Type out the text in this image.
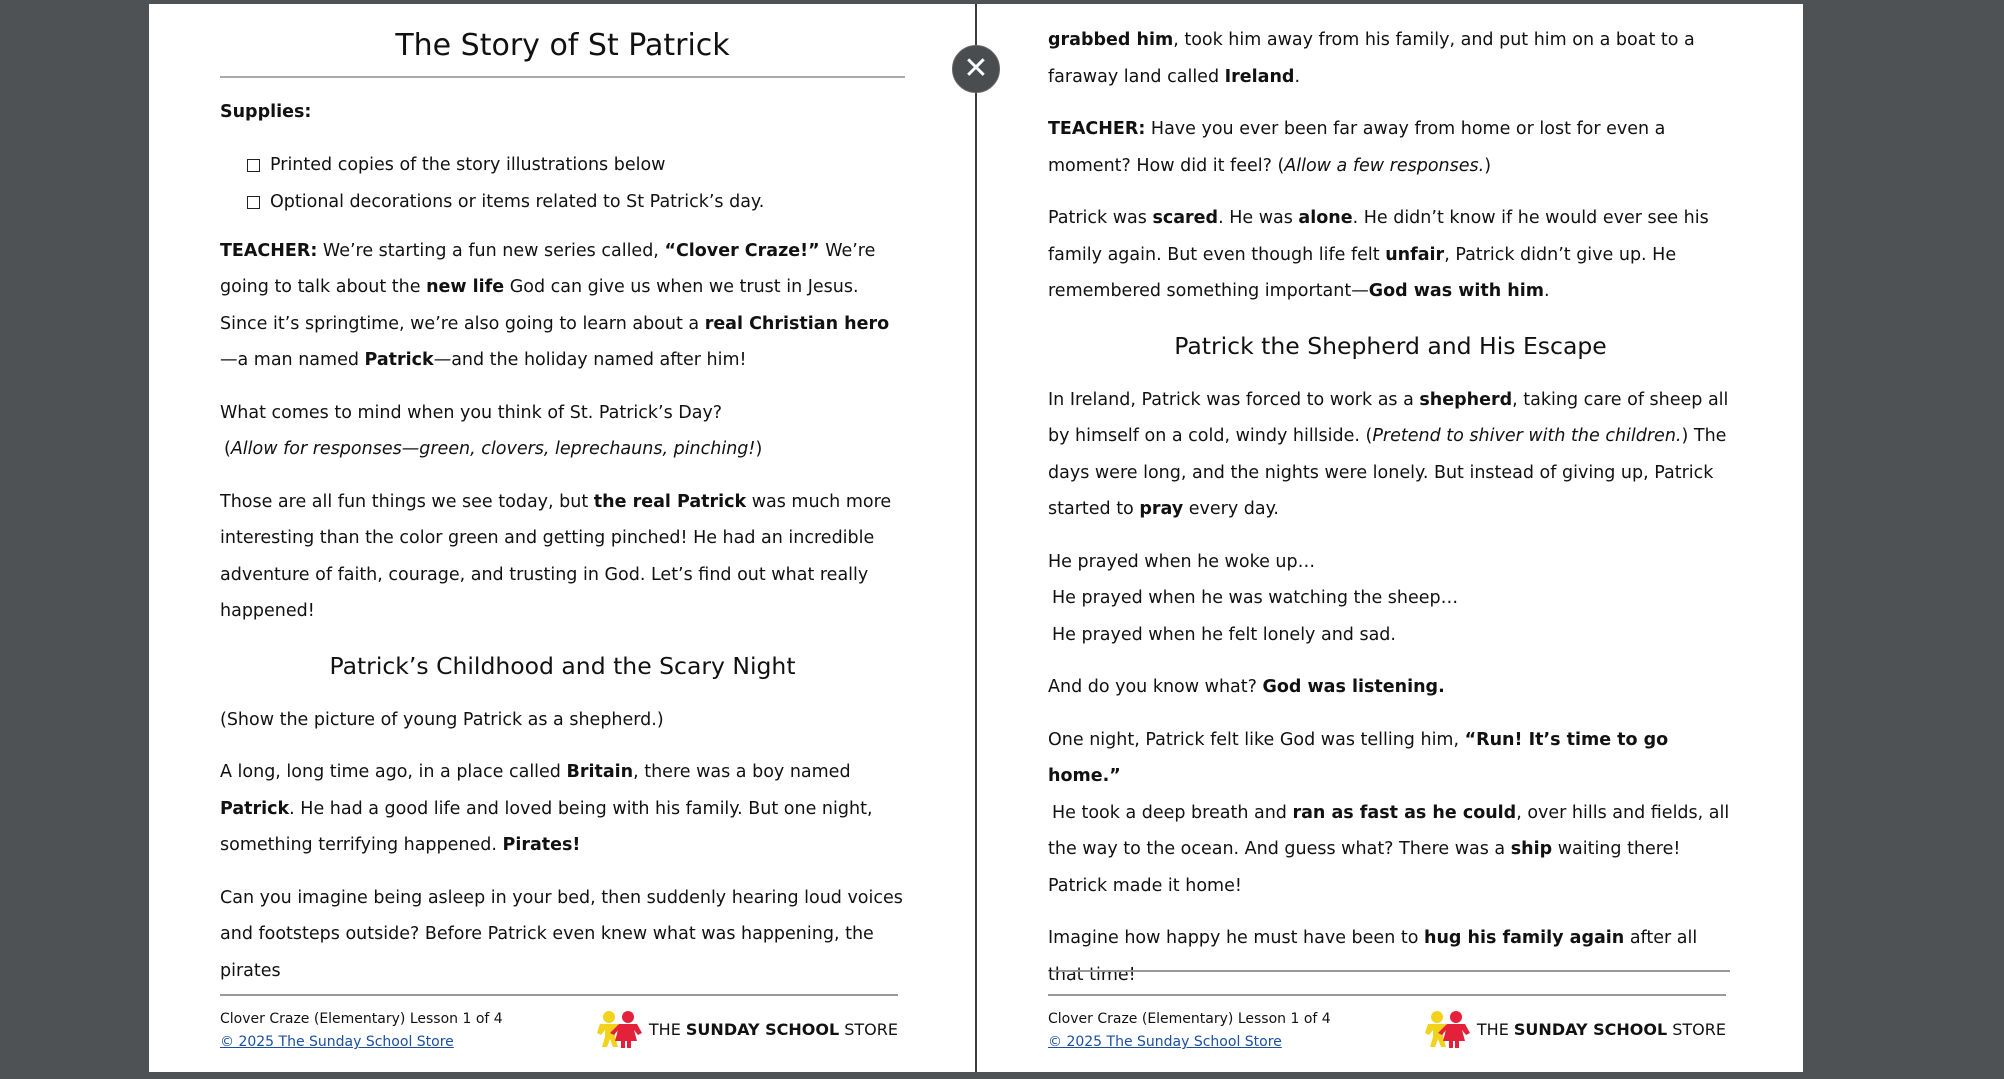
The Story of St Patrick

Supplies:

Printed copies of the story illustrations below
Optional decorations or items related to St Patrick’s day.

TEACHER: We’re starting a fun new series called, “Clover Craze!” We’re going to talk about the new life God can give us when we trust in Jesus. Since it’s springtime, we’re also going to learn about a real Christian hero—a man named Patrick—and the holiday named after him!

What comes to mind when you think of St. Patrick’s Day?
(Allow for responses—green, clovers, leprechauns, pinching!)

Those are all fun things we see today, but the real Patrick was much more interesting than the color green and getting pinched! He had an incredible adventure of faith, courage, and trusting in God. Let’s find out what really happened!

Patrick’s Childhood and the Scary Night

(Show the picture of young Patrick as a shepherd.)

A long, long time ago, in a place called Britain, there was a boy named Patrick. He had a good life and loved being with his family. But one night, something terrifying happened. Pirates!

Can you imagine being asleep in your bed, then suddenly hearing loud voices and footsteps outside? Before Patrick even knew what was happening, the pirates

Clover Craze (Elementary) Lesson 1 of 4
© 2025 The Sunday School Store
THE SUNDAY SCHOOL STORE

grabbed him, took him away from his family, and put him on a boat to a faraway land called Ireland.

TEACHER: Have you ever been far away from home or lost for even a moment? How did it feel? (Allow a few responses.)

Patrick was scared. He was alone. He didn’t know if he would ever see his family again. But even though life felt unfair, Patrick didn’t give up. He remembered something important—God was with him.

Patrick the Shepherd and His Escape

In Ireland, Patrick was forced to work as a shepherd, taking care of sheep all by himself on a cold, windy hillside. (Pretend to shiver with the children.) The days were long, and the nights were lonely. But instead of giving up, Patrick started to pray every day.

He prayed when he woke up…
He prayed when he was watching the sheep…
He prayed when he felt lonely and sad.

And do you know what? God was listening.

One night, Patrick felt like God was telling him, “Run! It’s time to go home.”
He took a deep breath and ran as fast as he could, over hills and fields, all the way to the ocean. And guess what? There was a ship waiting there! Patrick made it home!

Imagine how happy he must have been to hug his family again after all that time!

Clover Craze (Elementary) Lesson 1 of 4
© 2025 The Sunday School Store
THE SUNDAY SCHOOL STORE
✕
